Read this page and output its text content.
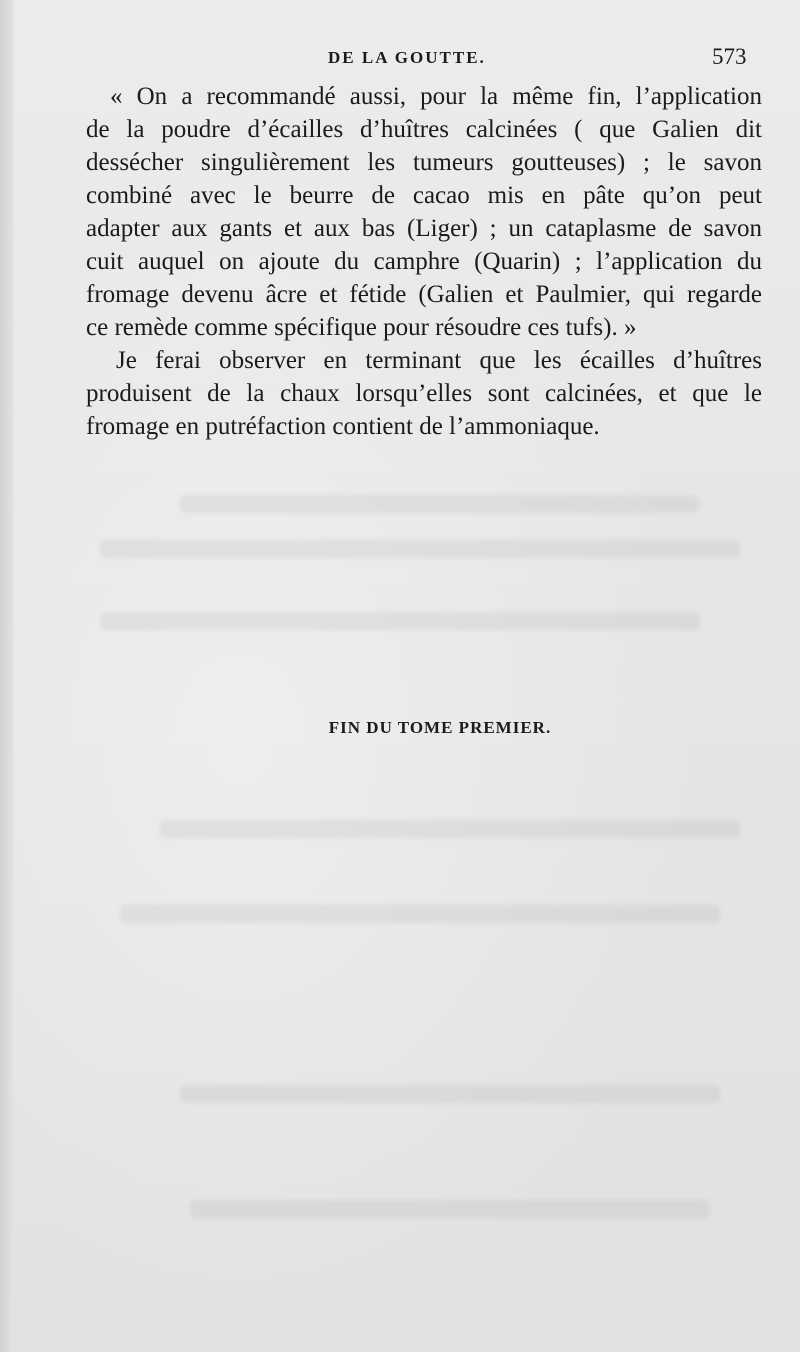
DE LA GOUTTE.	573
« On a recommandé aussi, pour la même fin, l’application
de la poudre d’écailles d’huîtres calcinées ( que Galien dit
dessécher singulièrement les tumeurs goutteuses) ; le savon
combiné avec le beurre de cacao mis en pâte qu’on peut
adapter aux gants et aux bas (Liger) ; un cataplasme de savon
cuit auquel on ajoute du camphre (Quarin) ; l’application du
fromage devenu âcre et fétide (Galien et Paulmier, qui regarde
ce remède comme spécifique pour résoudre ces tufs). »
Je ferai observer en terminant que les écailles d’huîtres
produisent de la chaux lorsqu’elles sont calcinées, et que le
fromage en putréfaction contient de l’ammoniaque.
FIN DU TOME PREMIER.
